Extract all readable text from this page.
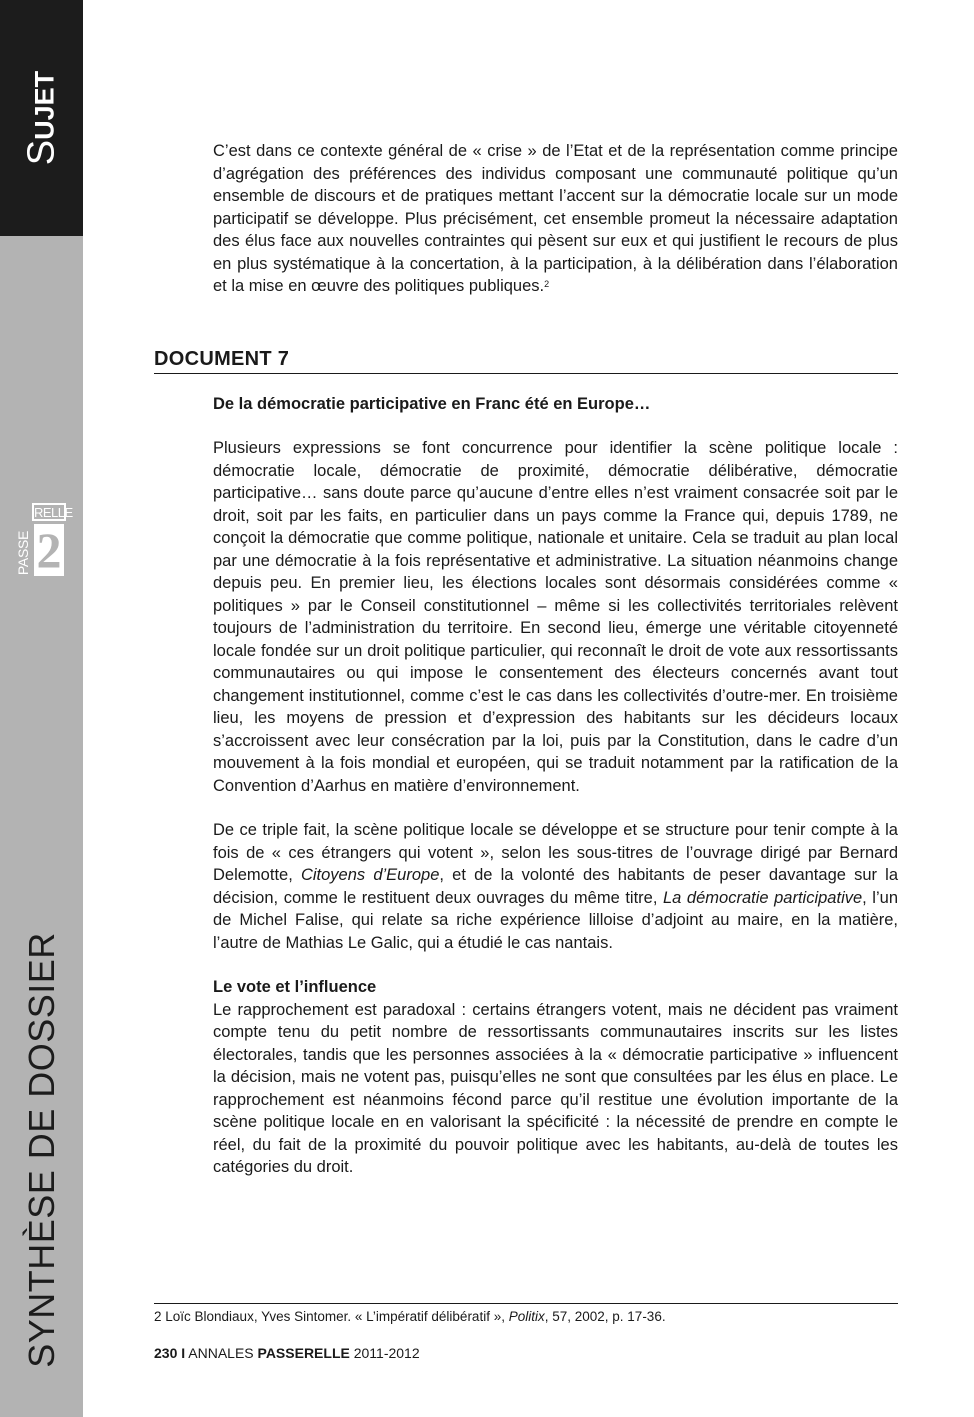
SUJET
RELLE
PASSE 2
SYNTHÈSE DE DOSSIER

C’est dans ce contexte général de « crise » de l’Etat et de la représentation comme principe d’agrégation des préférences des individus composant une communauté politique qu’un ensemble de discours et de pratiques mettant l’accent sur la démocratie locale sur un mode participatif se développe. Plus précisément, cet ensemble promeut la nécessaire adaptation des élus face aux nouvelles contraintes qui pèsent sur eux et qui justifient le recours de plus en plus systématique à la concertation, à la participation, à la délibération dans l’élaboration et la mise en œuvre des politiques publiques.$^2$

DOCUMENT 7
De la démocratie participative en Franc été en Europe…

Plusieurs expressions se font concurrence pour identifier la scène politique locale : démocratie locale, démocratie de proximité, démocratie délibérative, démocratie participative… sans doute parce qu’aucune d’entre elles n’est vraiment consacrée soit par le droit, soit par les faits, en particulier dans un pays comme la France qui, depuis 1789, ne conçoit la démocratie que comme politique, nationale et unitaire. Cela se traduit au plan local par une démocratie à la fois représentative et administrative. La situation néanmoins change depuis peu. En premier lieu, les élections locales sont désormais considérées comme « politiques » par le Conseil constitutionnel – même si les collectivités territoriales relèvent toujours de l’administration du territoire. En second lieu, émerge une véritable citoyenneté locale fondée sur un droit politique particulier, qui reconnaît le droit de vote aux ressortissants communautaires ou qui impose le consentement des électeurs concernés avant tout changement institutionnel, comme c’est le cas dans les collectivités d’outre-mer. En troisième lieu, les moyens de pression et d’expression des habitants sur les décideurs locaux s’accroissent avec leur consécration par la loi, puis par la Constitution, dans le cadre d’un mouvement à la fois mondial et européen, qui se traduit notamment par la ratification de la Convention d’Aarhus en matière d’environnement.

De ce triple fait, la scène politique locale se développe et se structure pour tenir compte à la fois de « ces étrangers qui votent », selon les sous-titres de l’ouvrage dirigé par Bernard Delemotte, Citoyens d’Europe, et de la volonté des habitants de peser davantage sur la décision, comme le restituent deux ouvrages du même titre, La démocratie participative, l’un de Michel Falise, qui relate sa riche expérience lilloise d’adjoint au maire, en la matière, l’autre de Mathias Le Galic, qui a étudié le cas nantais.

Le vote et l’influence

Le rapprochement est paradoxal : certains étrangers votent, mais ne décident pas vraiment compte tenu du petit nombre de ressortissants communautaires inscrits sur les listes électorales, tandis que les personnes associées à la « démocratie participative » influencent la décision, mais ne votent pas, puisqu’elles ne sont que consultées par les élus en place. Le rapprochement est néanmoins fécond parce qu’il restitue une évolution importante de la scène politique locale en en valorisant la spécificité : la nécessité de prendre en compte le réel, du fait de la proximité du pouvoir politique avec les habitants, au-delà de toutes les catégories du droit.

2 Loïc Blondiaux, Yves Sintomer. « L’impératif délibératif », Politix, 57, 2002, p. 17-36.
230 I ANNALES PASSERELLE 2011-2012
